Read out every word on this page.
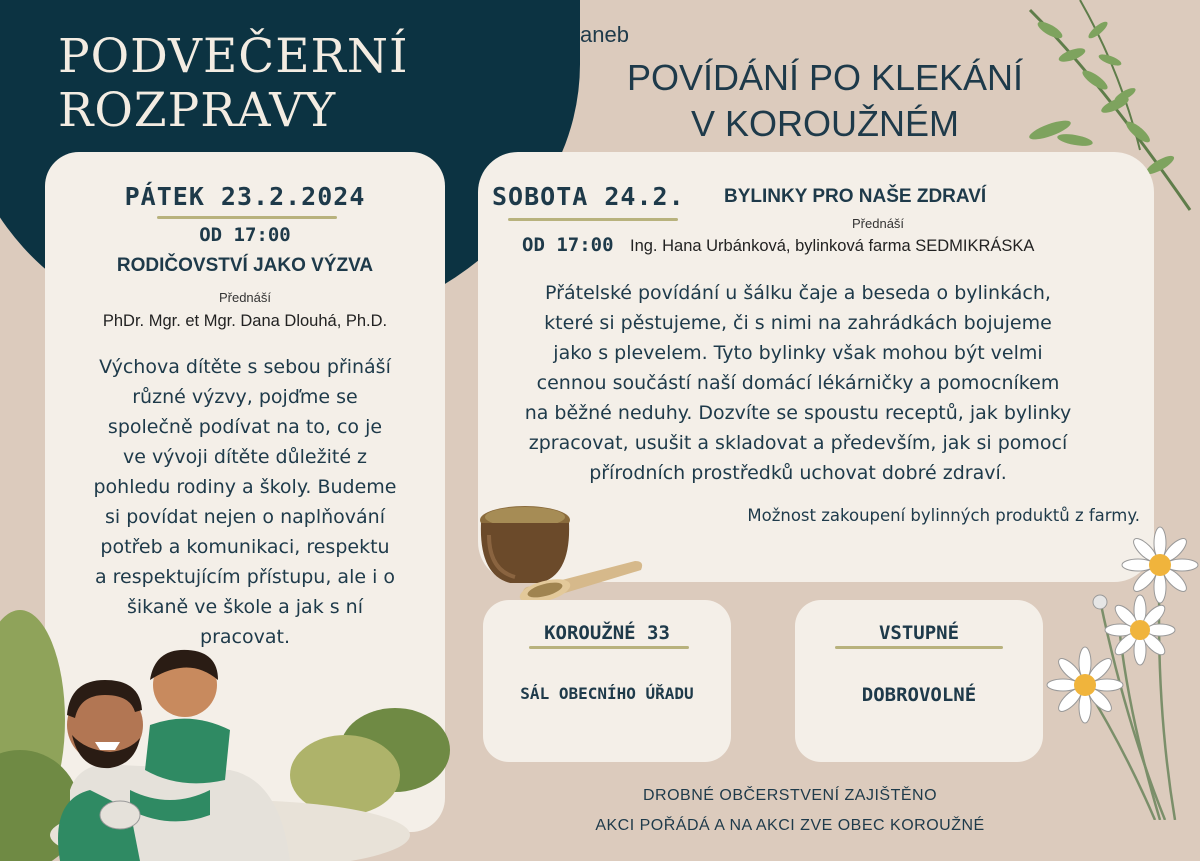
PODVEČERNÍ
ROZPRAVY
aneb
POVÍDÁNÍ PO KLEKÁNÍ
V KOROUŽNÉM
PÁTEK 23.2.2024
OD 17:00
RODIČOVSTVÍ JAKO VÝZVA
Přednáší
PhDr. Mgr. et Mgr. Dana Dlouhá, Ph.D.
Výchova dítěte s sebou přináší
různé výzvy, pojďme se
společně podívat na to, co je
ve vývoji dítěte důležité z
pohledu rodiny a školy. Budeme
si povídat nejen o naplňování
potřeb a komunikaci, respektu
a respektujícím přístupu, ale i o
šikaně ve škole a jak s ní
pracovat.
SOBOTA 24.2. BYLINKY PRO NAŠE ZDRAVÍ
Přednáší
OD 17:00 Ing. Hana Urbánková, bylinková farma SEDMIKRÁSKA
Přátelské povídání u šálku čaje a beseda o bylinkách,
které si pěstujeme, či s nimi na zahrádkách bojujeme
jako s plevelem. Tyto bylinky však mohou být velmi
cennou součástí naší domácí lékárničky a pomocníkem
na běžné neduhy. Dozvíte se spoustu receptů, jak bylinky
zpracovat, usušit a skladovat a především, jak si pomocí
přírodních prostředků uchovat dobré zdraví.
Možnost zakoupení bylinných produktů z farmy.
KOROUŽNÉ 33
SÁL OBECNÍHO ÚŘADU
VSTUPNÉ
DOBROVOLNÉ
DROBNÉ OBČERSTVENÍ ZAJIŠTĚNO
AKCI POŘÁDÁ A NA AKCI ZVE OBEC KOROUŽNÉ
